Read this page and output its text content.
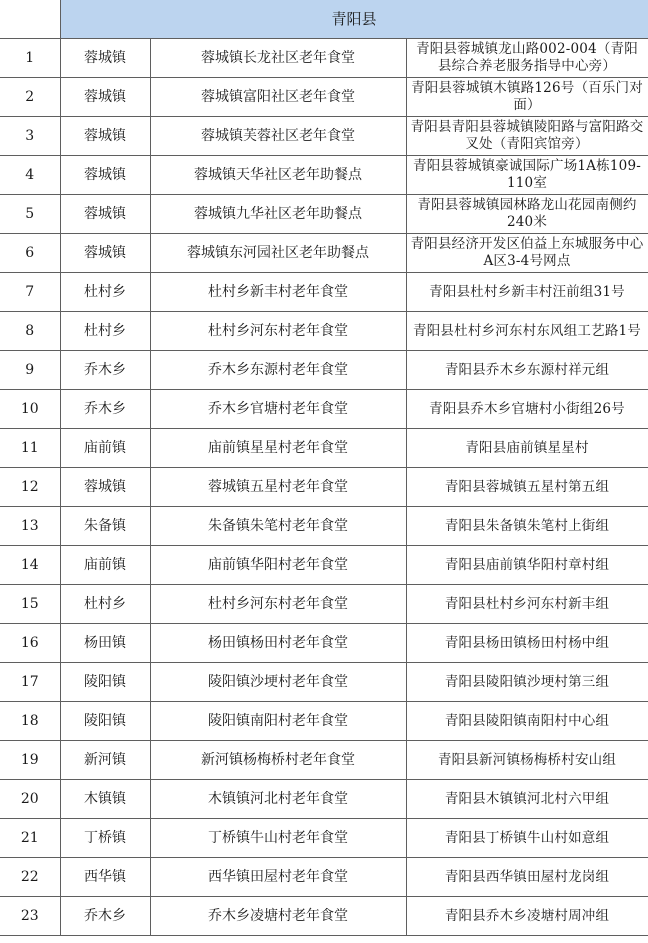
	青阳县		
1	蓉城镇	蓉城镇长龙社区老年食堂	青阳县蓉城镇龙山路002-004（青阳县综合养老服务指导中心旁）
2	蓉城镇	蓉城镇富阳社区老年食堂	青阳县蓉城镇木镇路126号（百乐门对面）
3	蓉城镇	蓉城镇芙蓉社区老年食堂	青阳县青阳县蓉城镇陵阳路与富阳路交叉处（青阳宾馆旁）
4	蓉城镇	蓉城镇天华社区老年助餐点	青阳县蓉城镇豪诚国际广场1A栋109-110室
5	蓉城镇	蓉城镇九华社区老年助餐点	青阳县蓉城镇园林路龙山花园南侧约240米
6	蓉城镇	蓉城镇东河园社区老年助餐点	青阳县经济开发区伯益上东城服务中心A区3-4号网点
7	杜村乡	杜村乡新丰村老年食堂	青阳县杜村乡新丰村汪前组31号
8	杜村乡	杜村乡河东村老年食堂	青阳县杜村乡河东村东风组工艺路1号
9	乔木乡	乔木乡东源村老年食堂	青阳县乔木乡东源村祥元组
10	乔木乡	乔木乡官塘村老年食堂	青阳县乔木乡官塘村小街组26号
11	庙前镇	庙前镇星星村老年食堂	青阳县庙前镇星星村
12	蓉城镇	蓉城镇五星村老年食堂	青阳县蓉城镇五星村第五组
13	朱备镇	朱备镇朱笔村老年食堂	青阳县朱备镇朱笔村上街组
14	庙前镇	庙前镇华阳村老年食堂	青阳县庙前镇华阳村章村组
15	杜村乡	杜村乡河东村老年食堂	青阳县杜村乡河东村新丰组
16	杨田镇	杨田镇杨田村老年食堂	青阳县杨田镇杨田村杨中组
17	陵阳镇	陵阳镇沙埂村老年食堂	青阳县陵阳镇沙埂村第三组
18	陵阳镇	陵阳镇南阳村老年食堂	青阳县陵阳镇南阳村中心组
19	新河镇	新河镇杨梅桥村老年食堂	青阳县新河镇杨梅桥村安山组
20	木镇镇	木镇镇河北村老年食堂	青阳县木镇镇河北村六甲组
21	丁桥镇	丁桥镇牛山村老年食堂	青阳县丁桥镇牛山村如意组
22	西华镇	西华镇田屋村老年食堂	青阳县西华镇田屋村龙岗组
23	乔木乡	乔木乡凌塘村老年食堂	青阳县乔木乡凌塘村周冲组
